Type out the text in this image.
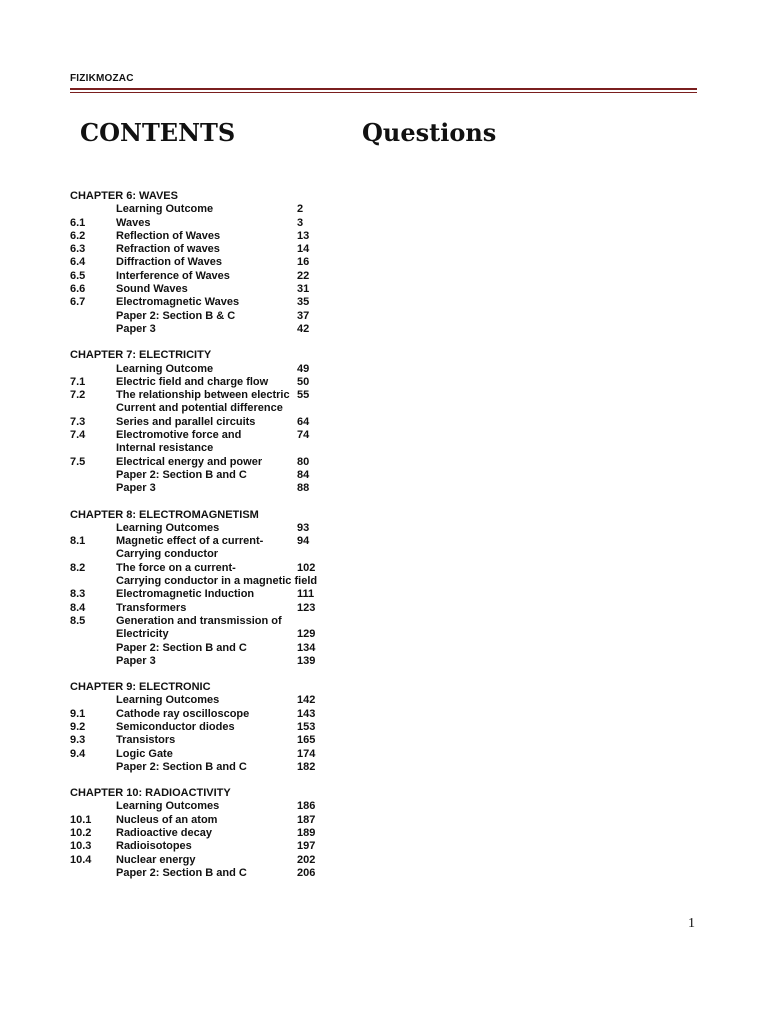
FIZIKMOZAC
CONTENTS	Questions
CHAPTER 6: WAVES
Learning Outcome	2
6.1	Waves	3
6.2	Reflection of Waves	13
6.3	Refraction of waves	14
6.4	Diffraction of Waves	16
6.5	Interference of Waves	22
6.6	Sound Waves	31
6.7	Electromagnetic Waves	35
Paper 2: Section B & C	37
Paper 3	42
CHAPTER 7: ELECTRICITY
Learning Outcome	49
7.1	Electric field and charge flow	50
7.2	The relationship between electric 55
Current and potential difference
7.3	Series and parallel circuits	64
7.4	Electromotive force and	74
Internal resistance
7.5	Electrical energy and power	80
Paper 2: Section B and C	84
Paper 3	88
CHAPTER 8: ELECTROMAGNETISM
Learning Outcomes	93
8.1	Magnetic effect of a current-	94
Carrying conductor
8.2	The force on a current-	102
Carrying conductor in a magnetic field
8.3	Electromagnetic Induction	111
8.4	Transformers	123
8.5	Generation and transmission of
Electricity	129
Paper 2: Section B and C	134
Paper 3	139
CHAPTER 9: ELECTRONIC
Learning Outcomes	142
9.1	Cathode ray oscilloscope	143
9.2	Semiconductor diodes	153
9.3	Transistors	165
9.4	Logic Gate	174
Paper 2: Section B and C	182
CHAPTER 10: RADIOACTIVITY
Learning Outcomes	186
10.1	Nucleus of an atom	187
10.2	Radioactive decay	189
10.3	Radioisotopes	197
10.4	Nuclear energy	202
Paper 2: Section B and C	206
1
